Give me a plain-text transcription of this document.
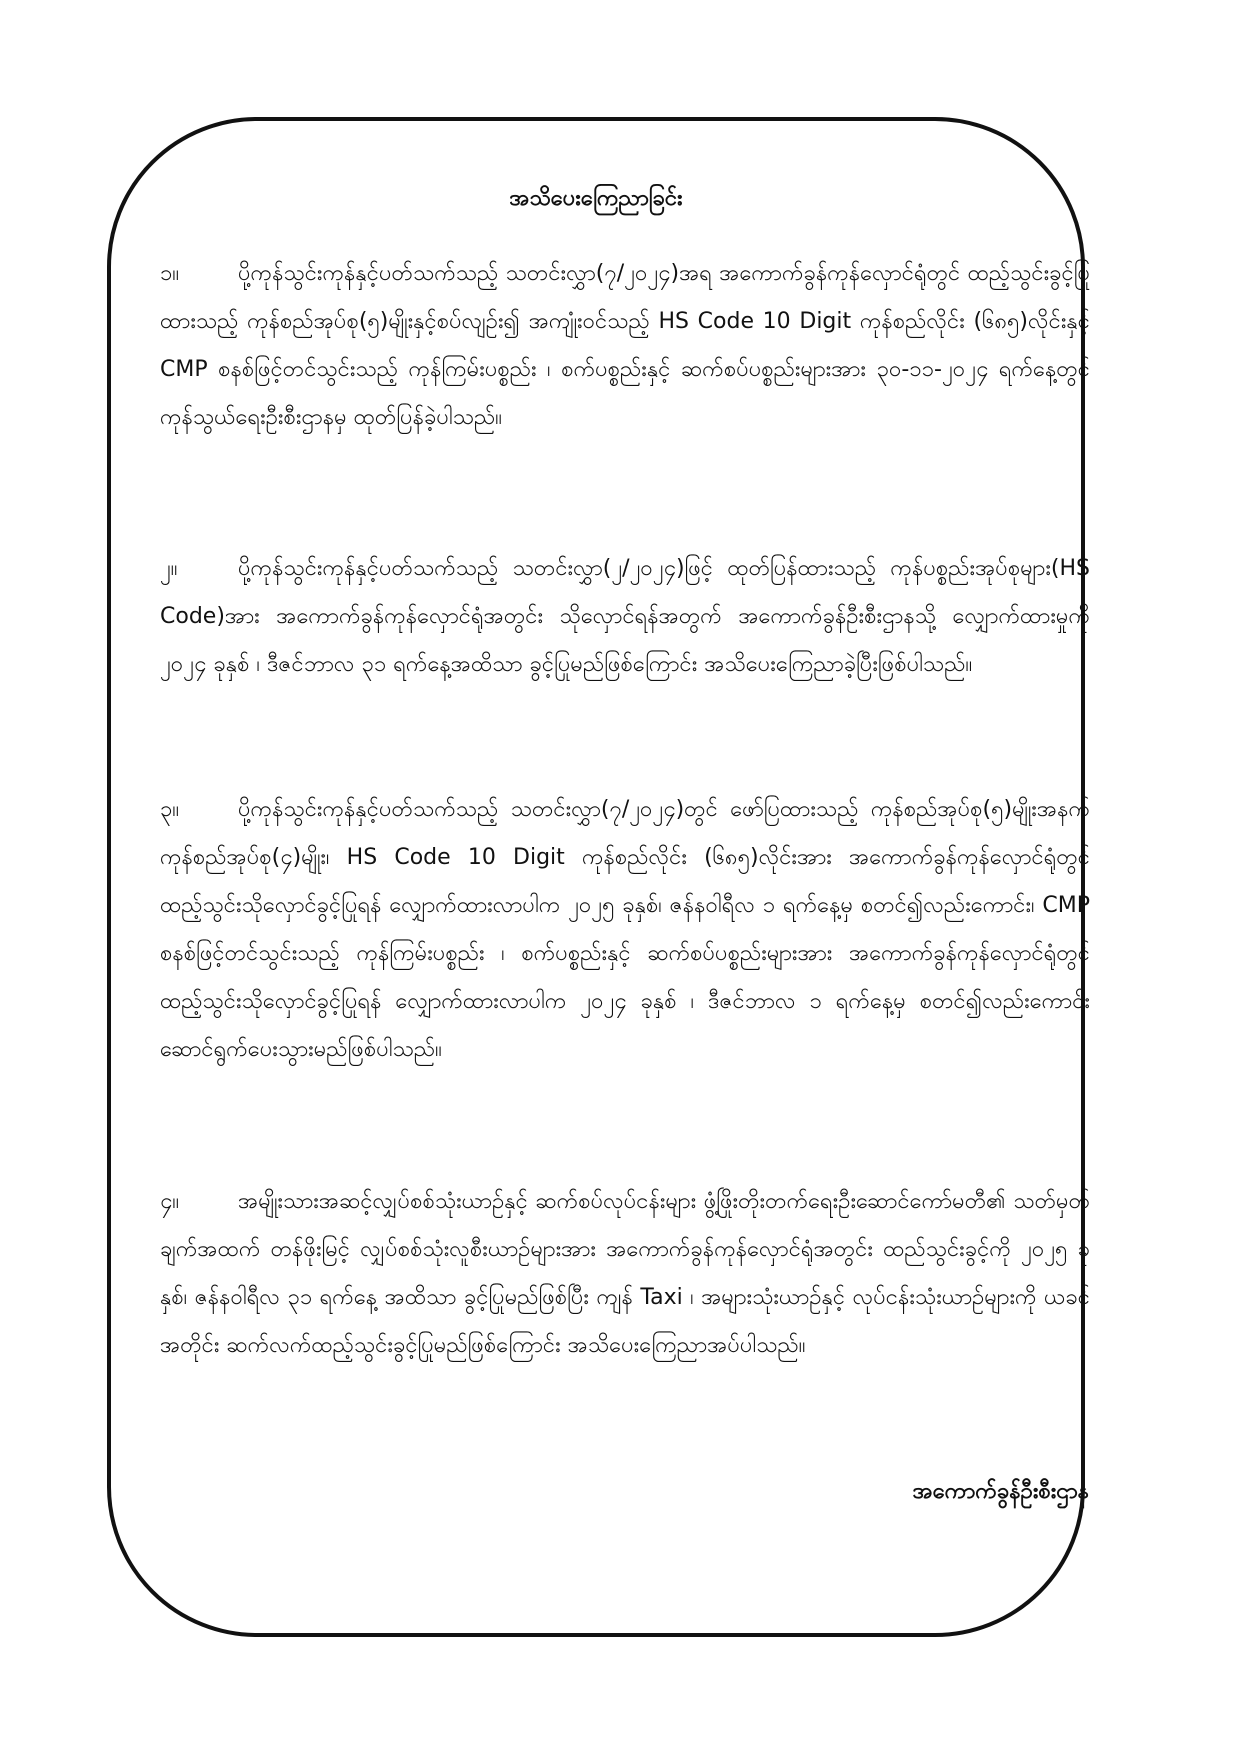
အသိပေးကြေညာခြင်း
၁။	ပို့ကုန်သွင်းကုန်နှင့်ပတ်သက်သည့် သတင်းလွှာ(၇/၂၀၂၄)အရ အကောက်ခွန်ကုန်လှောင်ရုံတွင် ထည့်သွင်းခွင့်ပြုထားသည့် ကုန်စည်အုပ်စု(၅)မျိုးနှင့်စပ်လျဉ်း၍ အကျုံးဝင်သည့် HS Code 10 Digit ကုန်စည်လိုင်း (၆၈၅)လိုင်းနှင့် CMP စနစ်ဖြင့်တင်သွင်းသည့် ကုန်ကြမ်းပစ္စည်း ၊ စက်ပစ္စည်းနှင့် ဆက်စပ်ပစ္စည်းများအား ၃၀-၁၁-၂၀၂၄ ရက်နေ့တွင် ကုန်သွယ်ရေးဦးစီးဌာနမှ ထုတ်ပြန်ခဲ့ပါသည်။
၂။	ပို့ကုန်သွင်းကုန်နှင့်ပတ်သက်သည့် သတင်းလွှာ(၂/၂၀၂၄)ဖြင့် ထုတ်ပြန်ထားသည့် ကုန်ပစ္စည်းအုပ်စုများ(HS Code)အား အကောက်ခွန်ကုန်လှောင်ရုံအတွင်း သိုလှောင်ရန်အတွက် အကောက်ခွန်ဦးစီးဌာနသို့ လျှောက်ထားမှုကို ၂၀၂၄ ခုနှစ် ၊ ဒီဇင်ဘာလ ၃၁ ရက်နေ့အထိသာ ခွင့်ပြုမည်ဖြစ်ကြောင်း အသိပေးကြေညာခဲ့ပြီးဖြစ်ပါသည်။
၃။	ပို့ကုန်သွင်းကုန်နှင့်ပတ်သက်သည့် သတင်းလွှာ(၇/၂၀၂၄)တွင် ဖော်ပြထားသည့် ကုန်စည်အုပ်စု(၅)မျိုးအနက် ကုန်စည်အုပ်စု(၄)မျိုး၊ HS Code 10 Digit ကုန်စည်လိုင်း (၆၈၅)လိုင်းအား အကောက်ခွန်ကုန်လှောင်ရုံတွင် ထည့်သွင်းသိုလှောင်ခွင့်ပြုရန် လျှောက်ထားလာပါက ၂၀၂၅ ခုနှစ်၊ ဇန်နဝါရီလ ၁ ရက်နေ့မှ စတင်၍လည်းကောင်း၊ CMP စနစ်ဖြင့်တင်သွင်းသည့် ကုန်ကြမ်းပစ္စည်း ၊ စက်ပစ္စည်းနှင့် ဆက်စပ်ပစ္စည်းများအား အကောက်ခွန်ကုန်လှောင်ရုံတွင် ထည့်သွင်းသိုလှောင်ခွင့်ပြုရန် လျှောက်ထားလာပါက ၂၀၂၄ ခုနှစ် ၊ ဒီဇင်ဘာလ ၁ ရက်နေ့မှ စတင်၍လည်းကောင်း ဆောင်ရွက်ပေးသွားမည်ဖြစ်ပါသည်။
၄။	အမျိုးသားအဆင့်လျှပ်စစ်သုံးယာဉ်နှင့် ဆက်စပ်လုပ်ငန်းများ ဖွံ့ဖြိုးတိုးတက်ရေးဦးဆောင်ကော်မတီ၏ သတ်မှတ်ချက်အထက် တန်ဖိုးမြင့် လျှပ်စစ်သုံးလူစီးယာဉ်များအား အကောက်ခွန်ကုန်လှောင်ရုံအတွင်း ထည်သွင်းခွင့်ကို ၂၀၂၅ ခုနှစ်၊ ဇန်နဝါရီလ ၃၁ ရက်နေ့ အထိသာ ခွင့်ပြုမည်ဖြစ်ပြီး ကျန် Taxi ၊ အများသုံးယာဉ်နှင့် လုပ်ငန်းသုံးယာဉ်များကို ယခင်အတိုင်း ဆက်လက်ထည့်သွင်းခွင့်ပြုမည်ဖြစ်ကြောင်း အသိပေးကြေညာအပ်ပါသည်။
အကောက်ခွန်ဦးစီးဌာန
